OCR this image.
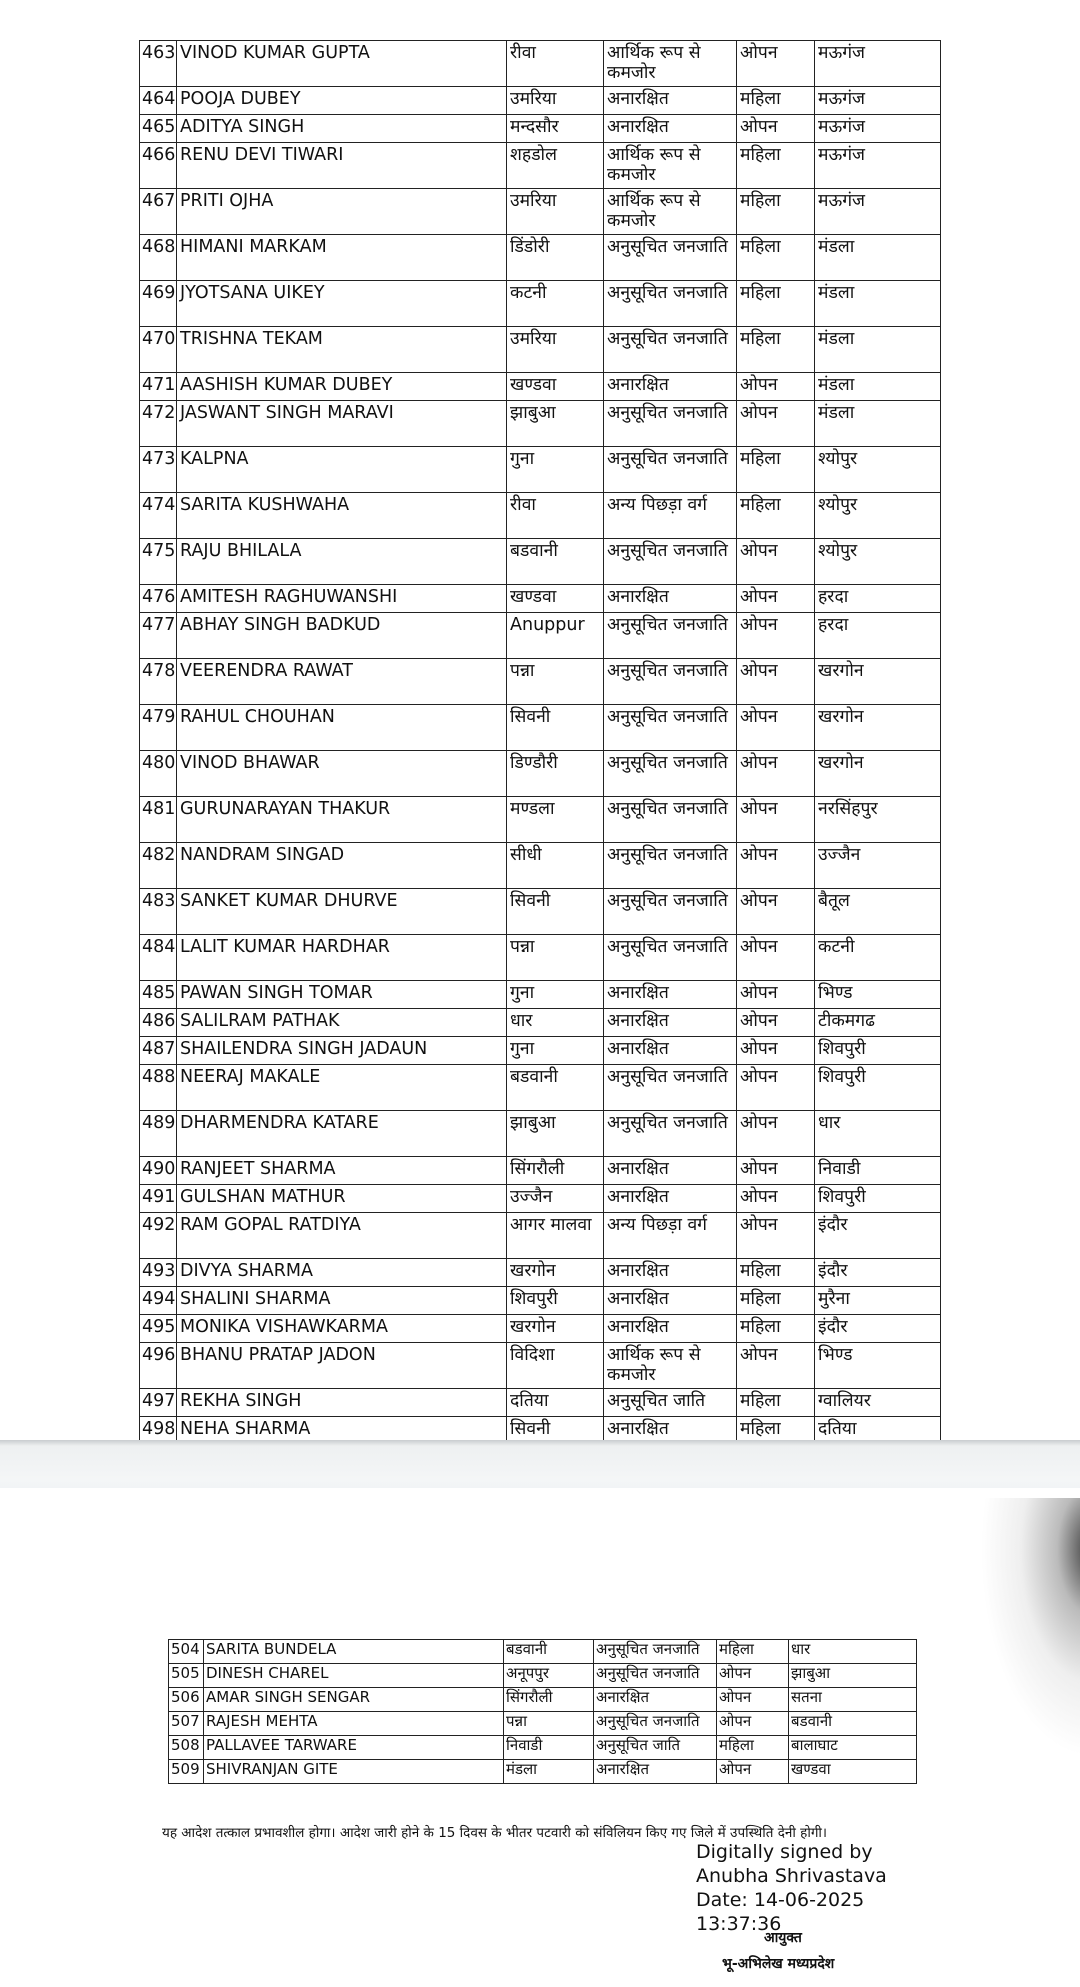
463	VINOD KUMAR GUPTA	रीवा	आर्थिक रूप से कमजोर	ओपन	मऊगंज
464	POOJA DUBEY	उमरिया	अनारक्षित	महिला	मऊगंज
465	ADITYA SINGH	मन्दसौर	अनारक्षित	ओपन	मऊगंज
466	RENU DEVI TIWARI	शहडोल	आर्थिक रूप से कमजोर	महिला	मऊगंज
467	PRITI OJHA	उमरिया	आर्थिक रूप से कमजोर	महिला	मऊगंज
468	HIMANI MARKAM	डिंडोरी	अनुसूचित जनजाति	महिला	मंडला
469	JYOTSANA UIKEY	कटनी	अनुसूचित जनजाति	महिला	मंडला
470	TRISHNA TEKAM	उमरिया	अनुसूचित जनजाति	महिला	मंडला
471	AASHISH KUMAR DUBEY	खण्डवा	अनारक्षित	ओपन	मंडला
472	JASWANT SINGH MARAVI	झाबुआ	अनुसूचित जनजाति	ओपन	मंडला
473	KALPNA	गुना	अनुसूचित जनजाति	महिला	श्योपुर
474	SARITA KUSHWAHA	रीवा	अन्य पिछड़ा वर्ग	महिला	श्योपुर
475	RAJU BHILALA	बडवानी	अनुसूचित जनजाति	ओपन	श्योपुर
476	AMITESH RAGHUWANSHI	खण्डवा	अनारक्षित	ओपन	हरदा
477	ABHAY SINGH BADKUD	Anuppur	अनुसूचित जनजाति	ओपन	हरदा
478	VEERENDRA RAWAT	पन्ना	अनुसूचित जनजाति	ओपन	खरगोन
479	RAHUL CHOUHAN	सिवनी	अनुसूचित जनजाति	ओपन	खरगोन
480	VINOD BHAWAR	डिण्डौरी	अनुसूचित जनजाति	ओपन	खरगोन
481	GURUNARAYAN THAKUR	मण्डला	अनुसूचित जनजाति	ओपन	नरसिंहपुर
482	NANDRAM SINGAD	सीधी	अनुसूचित जनजाति	ओपन	उज्जैन
483	SANKET KUMAR DHURVE	सिवनी	अनुसूचित जनजाति	ओपन	बैतूल
484	LALIT KUMAR HARDHAR	पन्ना	अनुसूचित जनजाति	ओपन	कटनी
485	PAWAN SINGH TOMAR	गुना	अनारक्षित	ओपन	भिण्ड
486	SALILRAM PATHAK	धार	अनारक्षित	ओपन	टीकमगढ
487	SHAILENDRA SINGH JADAUN	गुना	अनारक्षित	ओपन	शिवपुरी
488	NEERAJ MAKALE	बडवानी	अनुसूचित जनजाति	ओपन	शिवपुरी
489	DHARMENDRA KATARE	झाबुआ	अनुसूचित जनजाति	ओपन	धार
490	RANJEET SHARMA	सिंगरौली	अनारक्षित	ओपन	निवाडी
491	GULSHAN MATHUR	उज्जैन	अनारक्षित	ओपन	शिवपुरी
492	RAM GOPAL RATDIYA	आगर मालवा	अन्य पिछड़ा वर्ग	ओपन	इंदौर
493	DIVYA SHARMA	खरगोन	अनारक्षित	महिला	इंदौर
494	SHALINI SHARMA	शिवपुरी	अनारक्षित	महिला	मुरैना
495	MONIKA VISHAWKARMA	खरगोन	अनारक्षित	महिला	इंदौर
496	BHANU PRATAP JADON	विदिशा	आर्थिक रूप से कमजोर	ओपन	भिण्ड
497	REKHA SINGH	दतिया	अनुसूचित जाति	महिला	ग्वालियर
498	NEHA SHARMA	सिवनी	अनारक्षित	महिला	दतिया

504	SARITA BUNDELA	बडवानी	अनुसूचित जनजाति	महिला	धार
505	DINESH CHAREL	अनूपपुर	अनुसूचित जनजाति	ओपन	झाबुआ
506	AMAR SINGH SENGAR	सिंगरौली	अनारक्षित	ओपन	सतना
507	RAJESH MEHTA	पन्ना	अनुसूचित जनजाति	ओपन	बडवानी
508	PALLAVEE TARWARE	निवाडी	अनुसूचित जाति	महिला	बालाघाट
509	SHIVRANJAN GITE	मंडला	अनारक्षित	ओपन	खण्डवा
यह आदेश तत्काल प्रभावशील होगा। आदेश जारी होने के 15 दिवस के भीतर पटवारी को संविलियन किए गए जिले में उपस्थिति देनी होगी।
Digitally signed by
Anubha Shrivastava
Date: 14-06-2025
13:37:36
आयुक्त
भू-अभिलेख मध्यप्रदेश
